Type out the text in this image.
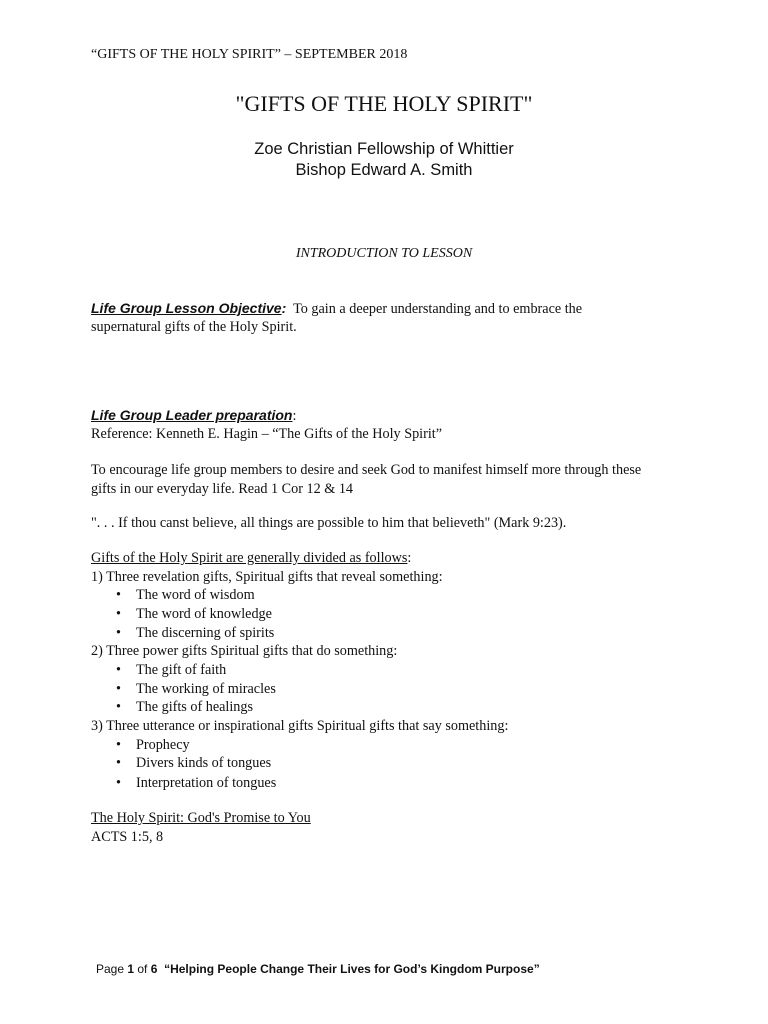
“GIFTS OF THE HOLY SPIRIT” – SEPTEMBER 2018
"GIFTS OF THE HOLY SPIRIT"
Zoe Christian Fellowship of Whittier
Bishop Edward A. Smith
INTRODUCTION TO LESSON
Life Group Lesson Objective:  To gain a deeper understanding and to embrace the
supernatural gifts of the Holy Spirit.
Life Group Leader preparation:
Reference: Kenneth E. Hagin – “The Gifts of the Holy Spirit”
To encourage life group members to desire and seek God to manifest himself more through these
gifts in our everyday life. Read 1 Cor 12 & 14
". . . If thou canst believe, all things are possible to him that believeth" (Mark 9:23).
Gifts of the Holy Spirit are generally divided as follows:
1) Three revelation gifts, Spiritual gifts that reveal something:
• The word of wisdom
• The word of knowledge
• The discerning of spirits
2) Three power gifts Spiritual gifts that do something:
• The gift of faith
• The working of miracles
• The gifts of healings
3) Three utterance or inspirational gifts Spiritual gifts that say something:
• Prophecy
• Divers kinds of tongues
• Interpretation of tongues
The Holy Spirit: God's Promise to You
ACTS 1:5, 8
Page 1 of 6  “Helping People Change Their Lives for God’s Kingdom Purpose”
